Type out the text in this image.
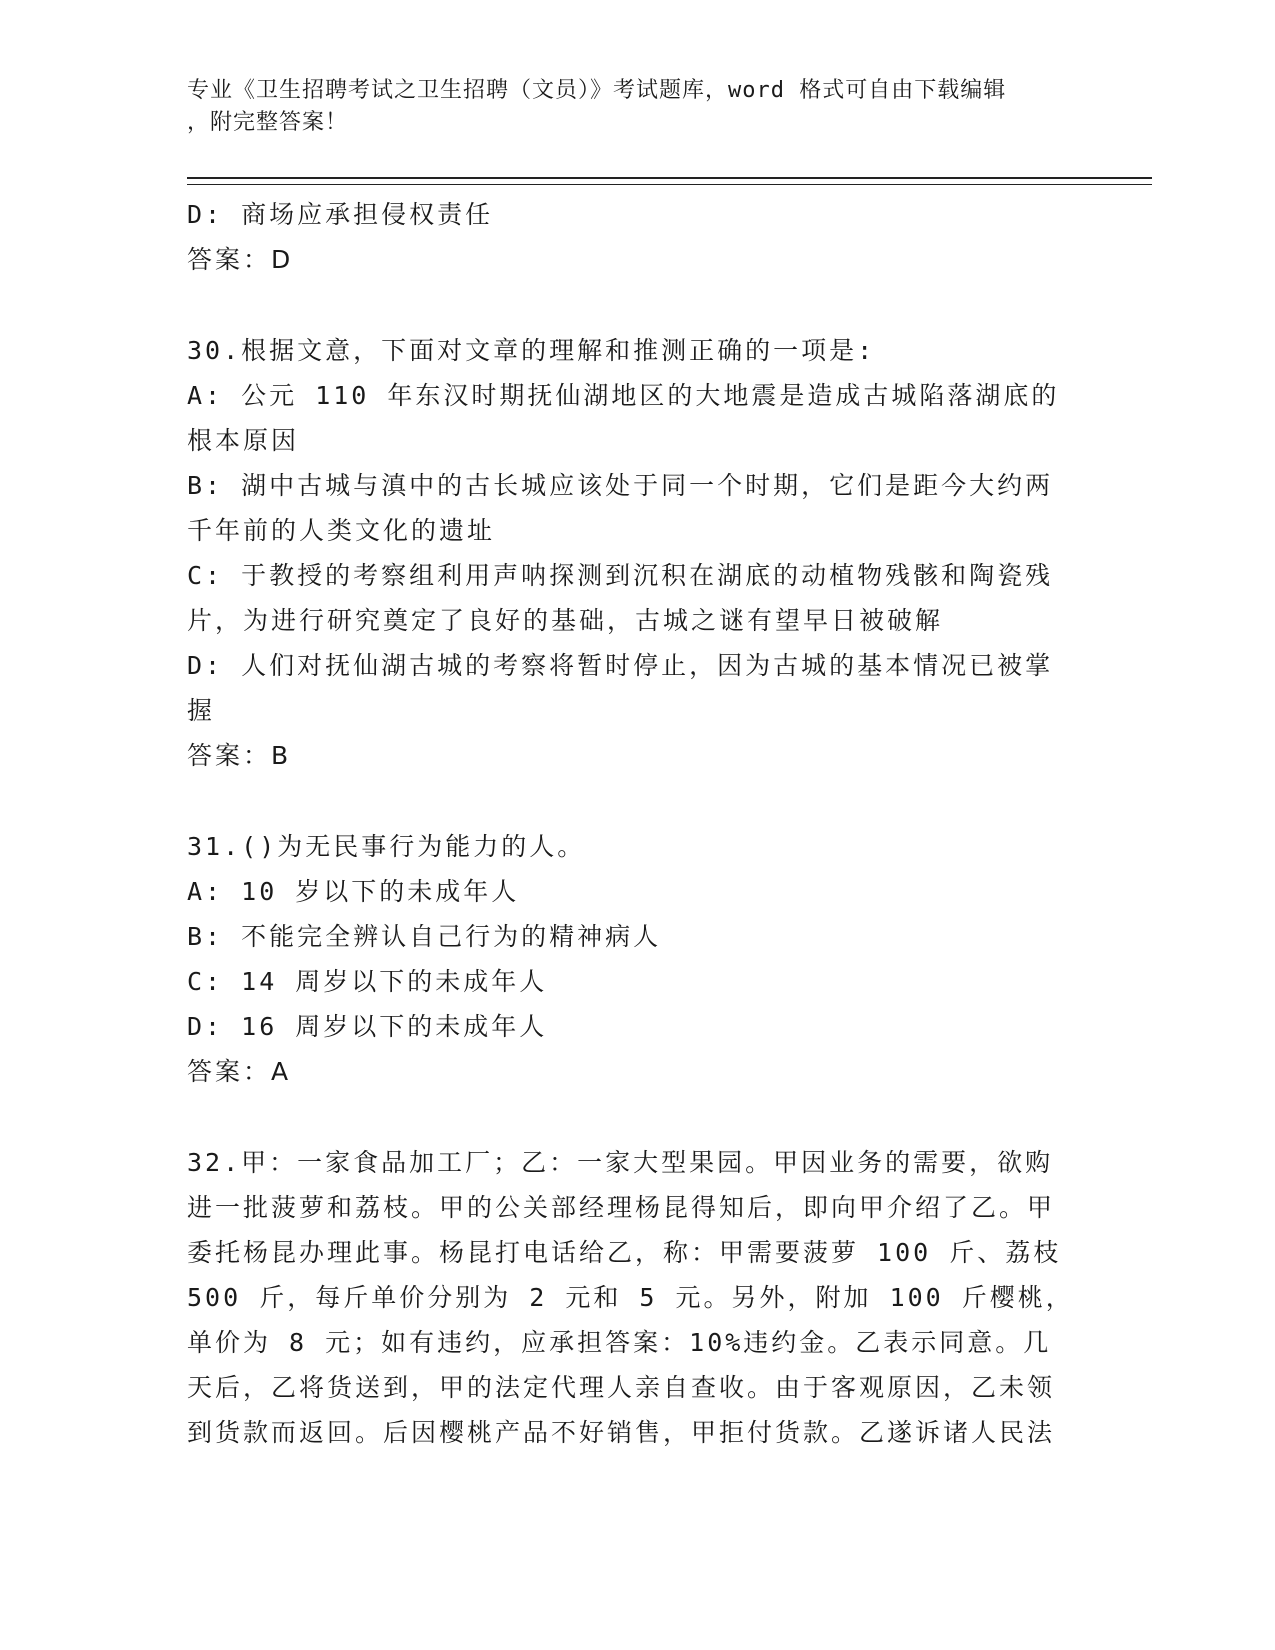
专业《卫生招聘考试之卫生招聘（文员）》考试题库，word 格式可自由下载编辑
，附完整答案！
D: 商场应承担侵权责任
答案：D
30.根据文意，下面对文章的理解和推测正确的一项是:
A: 公元 110 年东汉时期抚仙湖地区的大地震是造成古城陷落湖底的根本原因
B: 湖中古城与滇中的古长城应该处于同一个时期，它们是距今大约两千年前的人类文化的遗址
C: 于教授的考察组利用声呐探测到沉积在湖底的动植物残骸和陶瓷残片，为进行研究奠定了良好的基础，古城之谜有望早日被破解
D: 人们对抚仙湖古城的考察将暂时停止，因为古城的基本情况已被掌握
答案：B
31.()为无民事行为能力的人。
A: 10 岁以下的未成年人
B: 不能完全辨认自己行为的精神病人
C: 14 周岁以下的未成年人
D: 16 周岁以下的未成年人
答案：A
32.甲：一家食品加工厂；乙：一家大型果园。甲因业务的需要，欲购进一批菠萝和荔枝。甲的公关部经理杨昆得知后，即向甲介绍了乙。甲委托杨昆办理此事。杨昆打电话给乙，称：甲需要菠萝 100 斤、荔枝 500 斤，每斤单价分别为 2 元和 5 元。另外，附加 100 斤樱桃，单价为 8 元；如有违约，应承担答案：10%违约金。乙表示同意。几天后，乙将货送到，甲的法定代理人亲自查收。由于客观原因，乙未领到货款而返回。后因樱桃产品不好销售，甲拒付货款。乙遂诉诸人民法
